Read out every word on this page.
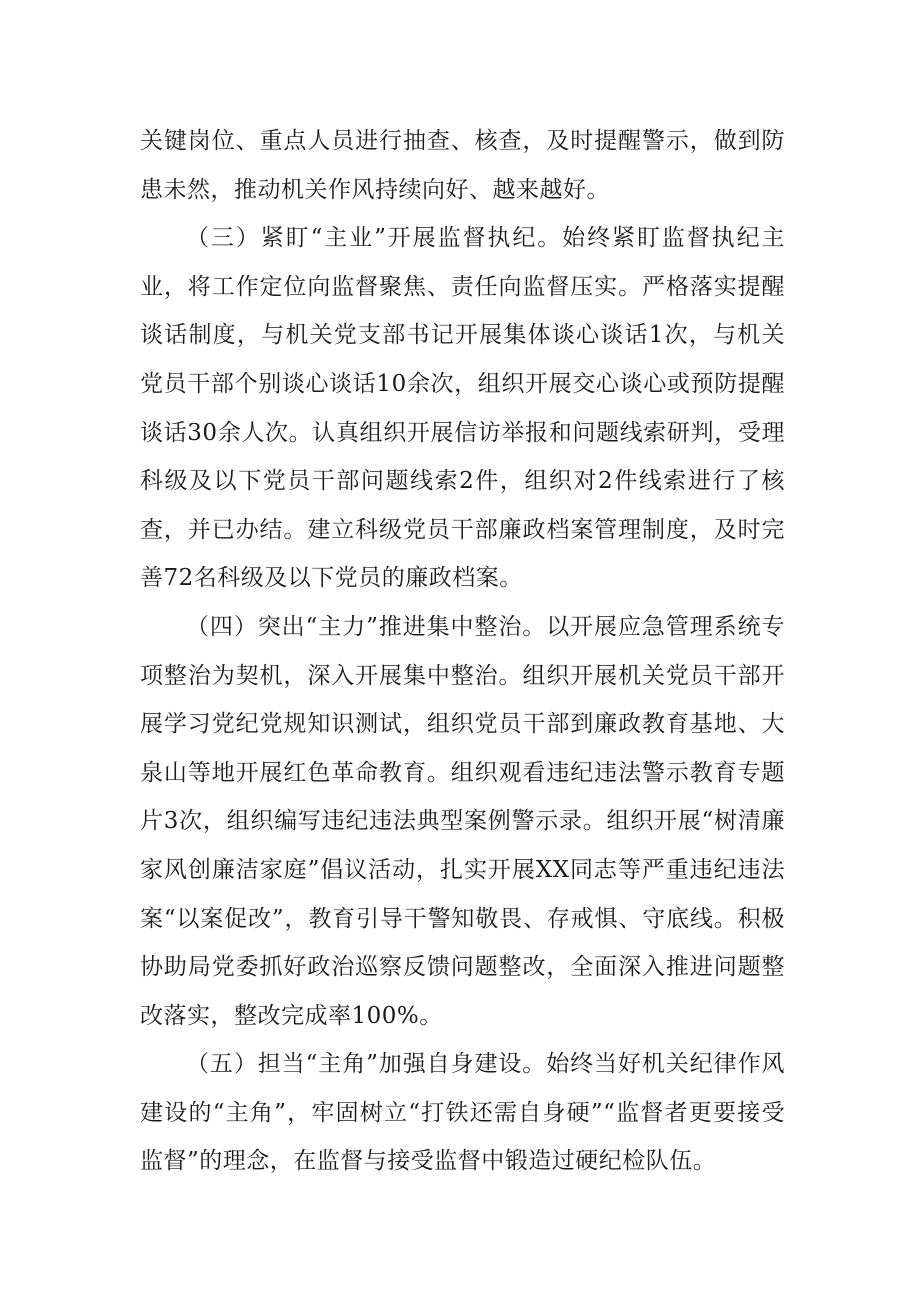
关键岗位、重点人员进行抽查、核查，及时提醒警示，做到防患未然，推动机关作风持续向好、越来越好。

（三）紧盯“主业”开展监督执纪。始终紧盯监督执纪主业，将工作定位向监督聚焦、责任向监督压实。严格落实提醒谈话制度，与机关党支部书记开展集体谈心谈话1次，与机关党员干部个别谈心谈话10余次，组织开展交心谈心或预防提醒谈话30余人次。认真组织开展信访举报和问题线索研判，受理科级及以下党员干部问题线索2件，组织对2件线索进行了核查，并已办结。建立科级党员干部廉政档案管理制度，及时完善72名科级及以下党员的廉政档案。

（四）突出“主力”推进集中整治。以开展应急管理系统专项整治为契机，深入开展集中整治。组织开展机关党员干部开展学习党纪党规知识测试，组织党员干部到廉政教育基地、大泉山等地开展红色革命教育。组织观看违纪违法警示教育专题片3次，组织编写违纪违法典型案例警示录。组织开展“树清廉家风创廉洁家庭”倡议活动，扎实开展XX同志等严重违纪违法案“以案促改”，教育引导干警知敬畏、存戒惧、守底线。积极协助局党委抓好政治巡察反馈问题整改，全面深入推进问题整改落实，整改完成率100%。

（五）担当“主角”加强自身建设。始终当好机关纪律作风建设的“主角”，牢固树立“打铁还需自身硬”“监督者更要接受监督”的理念，在监督与接受监督中锻造过硬纪检队伍。
